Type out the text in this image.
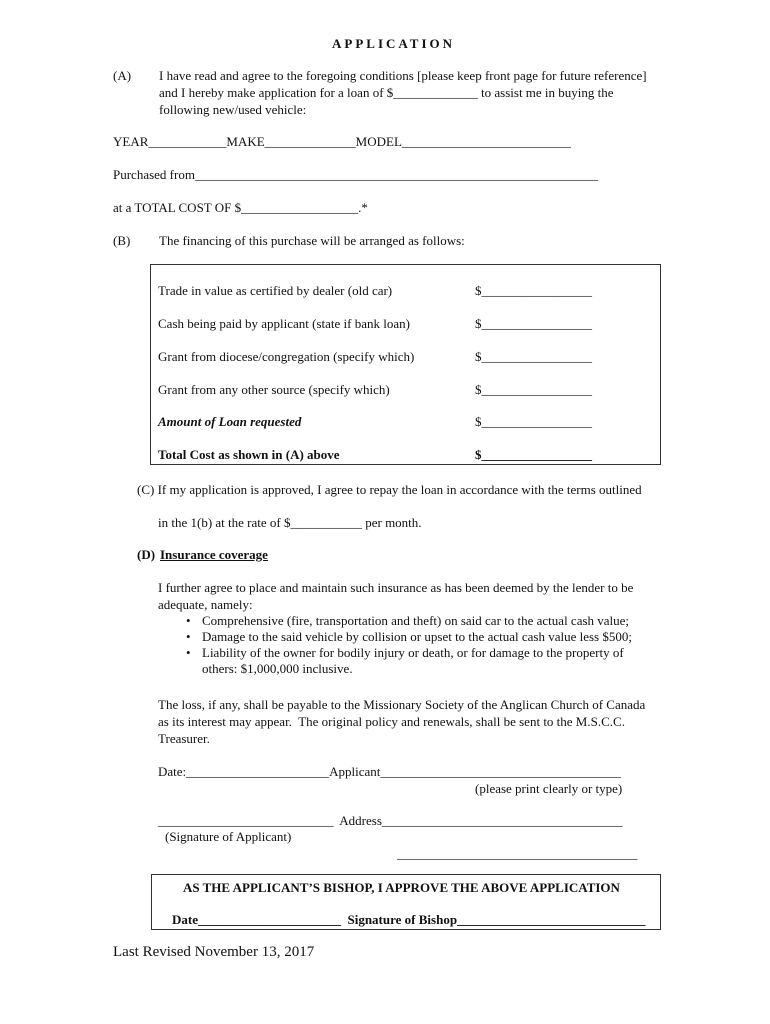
APPLICATION
(A) I have read and agree to the foregoing conditions [please keep front page for future reference]
and I hereby make application for a loan of $_____________ to assist me in buying the
following new/used vehicle:
YEAR____________MAKE______________MODEL__________________________
Purchased from______________________________________________________________
at a TOTAL COST OF $__________________.*
(B) The financing of this purchase will be arranged as follows:
Trade in value as certified by dealer (old car)	$_________________
Cash being paid by applicant (state if bank loan)	$_________________
Grant from diocese/congregation (specify which)	$_________________
Grant from any other source (specify which)	$_________________
Amount of Loan requested	$_________________
Total Cost as shown in (A) above	$_________________
(C) If my application is approved, I agree to repay the loan in accordance with the terms outlined
in the 1(b) at the rate of $___________ per month.
(D) Insurance coverage
I further agree to place and maintain such insurance as has been deemed by the lender to be
adequate, namely:
• Comprehensive (fire, transportation and theft) on said car to the actual cash value;
• Damage to the said vehicle by collision or upset to the actual cash value less $500;
• Liability of the owner for bodily injury or death, or for damage to the property of
others: $1,000,000 inclusive.
The loss, if any, shall be payable to the Missionary Society of the Anglican Church of Canada
as its interest may appear.  The original policy and renewals, shall be sent to the M.S.C.C.
Treasurer.
Date:______________________Applicant_____________________________________
(please print clearly or type)
___________________________  Address_____________________________________
(Signature of Applicant)
_____________________________________
AS THE APPLICANT’S BISHOP, I APPROVE THE ABOVE APPLICATION
Date______________________  Signature of Bishop_____________________________
Last Revised November 13, 2017
